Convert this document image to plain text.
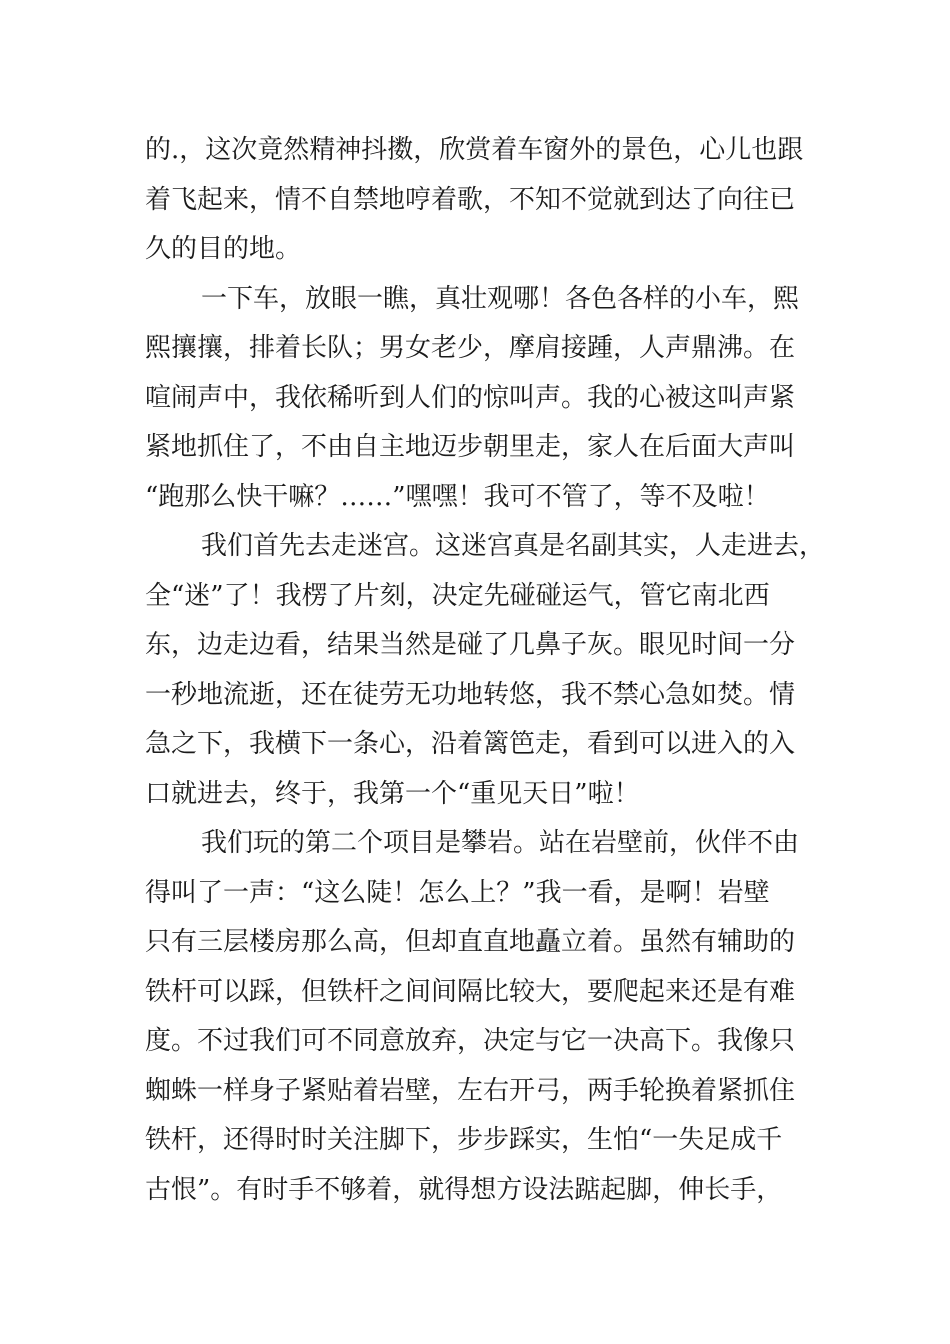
的.，这次竟然精神抖擞，欣赏着车窗外的景色，心儿也跟
着飞起来，情不自禁地哼着歌，不知不觉就到达了向往已
久的目的地。
一下车，放眼一瞧，真壮观哪！各色各样的小车，熙
熙攘攘，排着长队；男女老少，摩肩接踵，人声鼎沸。在
喧闹声中，我依稀听到人们的惊叫声。我的心被这叫声紧
紧地抓住了，不由自主地迈步朝里走，家人在后面大声叫
“跑那么快干嘛？……”嘿嘿！我可不管了，等不及啦！
我们首先去走迷宫。这迷宫真是名副其实，人走进去，
全“迷”了！我楞了片刻，决定先碰碰运气，管它南北西
东，边走边看，结果当然是碰了几鼻子灰。眼见时间一分
一秒地流逝，还在徒劳无功地转悠，我不禁心急如焚。情
急之下，我横下一条心，沿着篱笆走，看到可以进入的入
口就进去，终于，我第一个“重见天日”啦！
我们玩的第二个项目是攀岩。站在岩壁前，伙伴不由
得叫了一声：“这么陡！怎么上？”我一看，是啊！岩壁
只有三层楼房那么高，但却直直地矗立着。虽然有辅助的
铁杆可以踩，但铁杆之间间隔比较大，要爬起来还是有难
度。不过我们可不同意放弃，决定与它一决高下。我像只
蜘蛛一样身子紧贴着岩壁，左右开弓，两手轮换着紧抓住
铁杆，还得时时关注脚下，步步踩实，生怕“一失足成千
古恨”。有时手不够着，就得想方设法踮起脚，伸长手，
